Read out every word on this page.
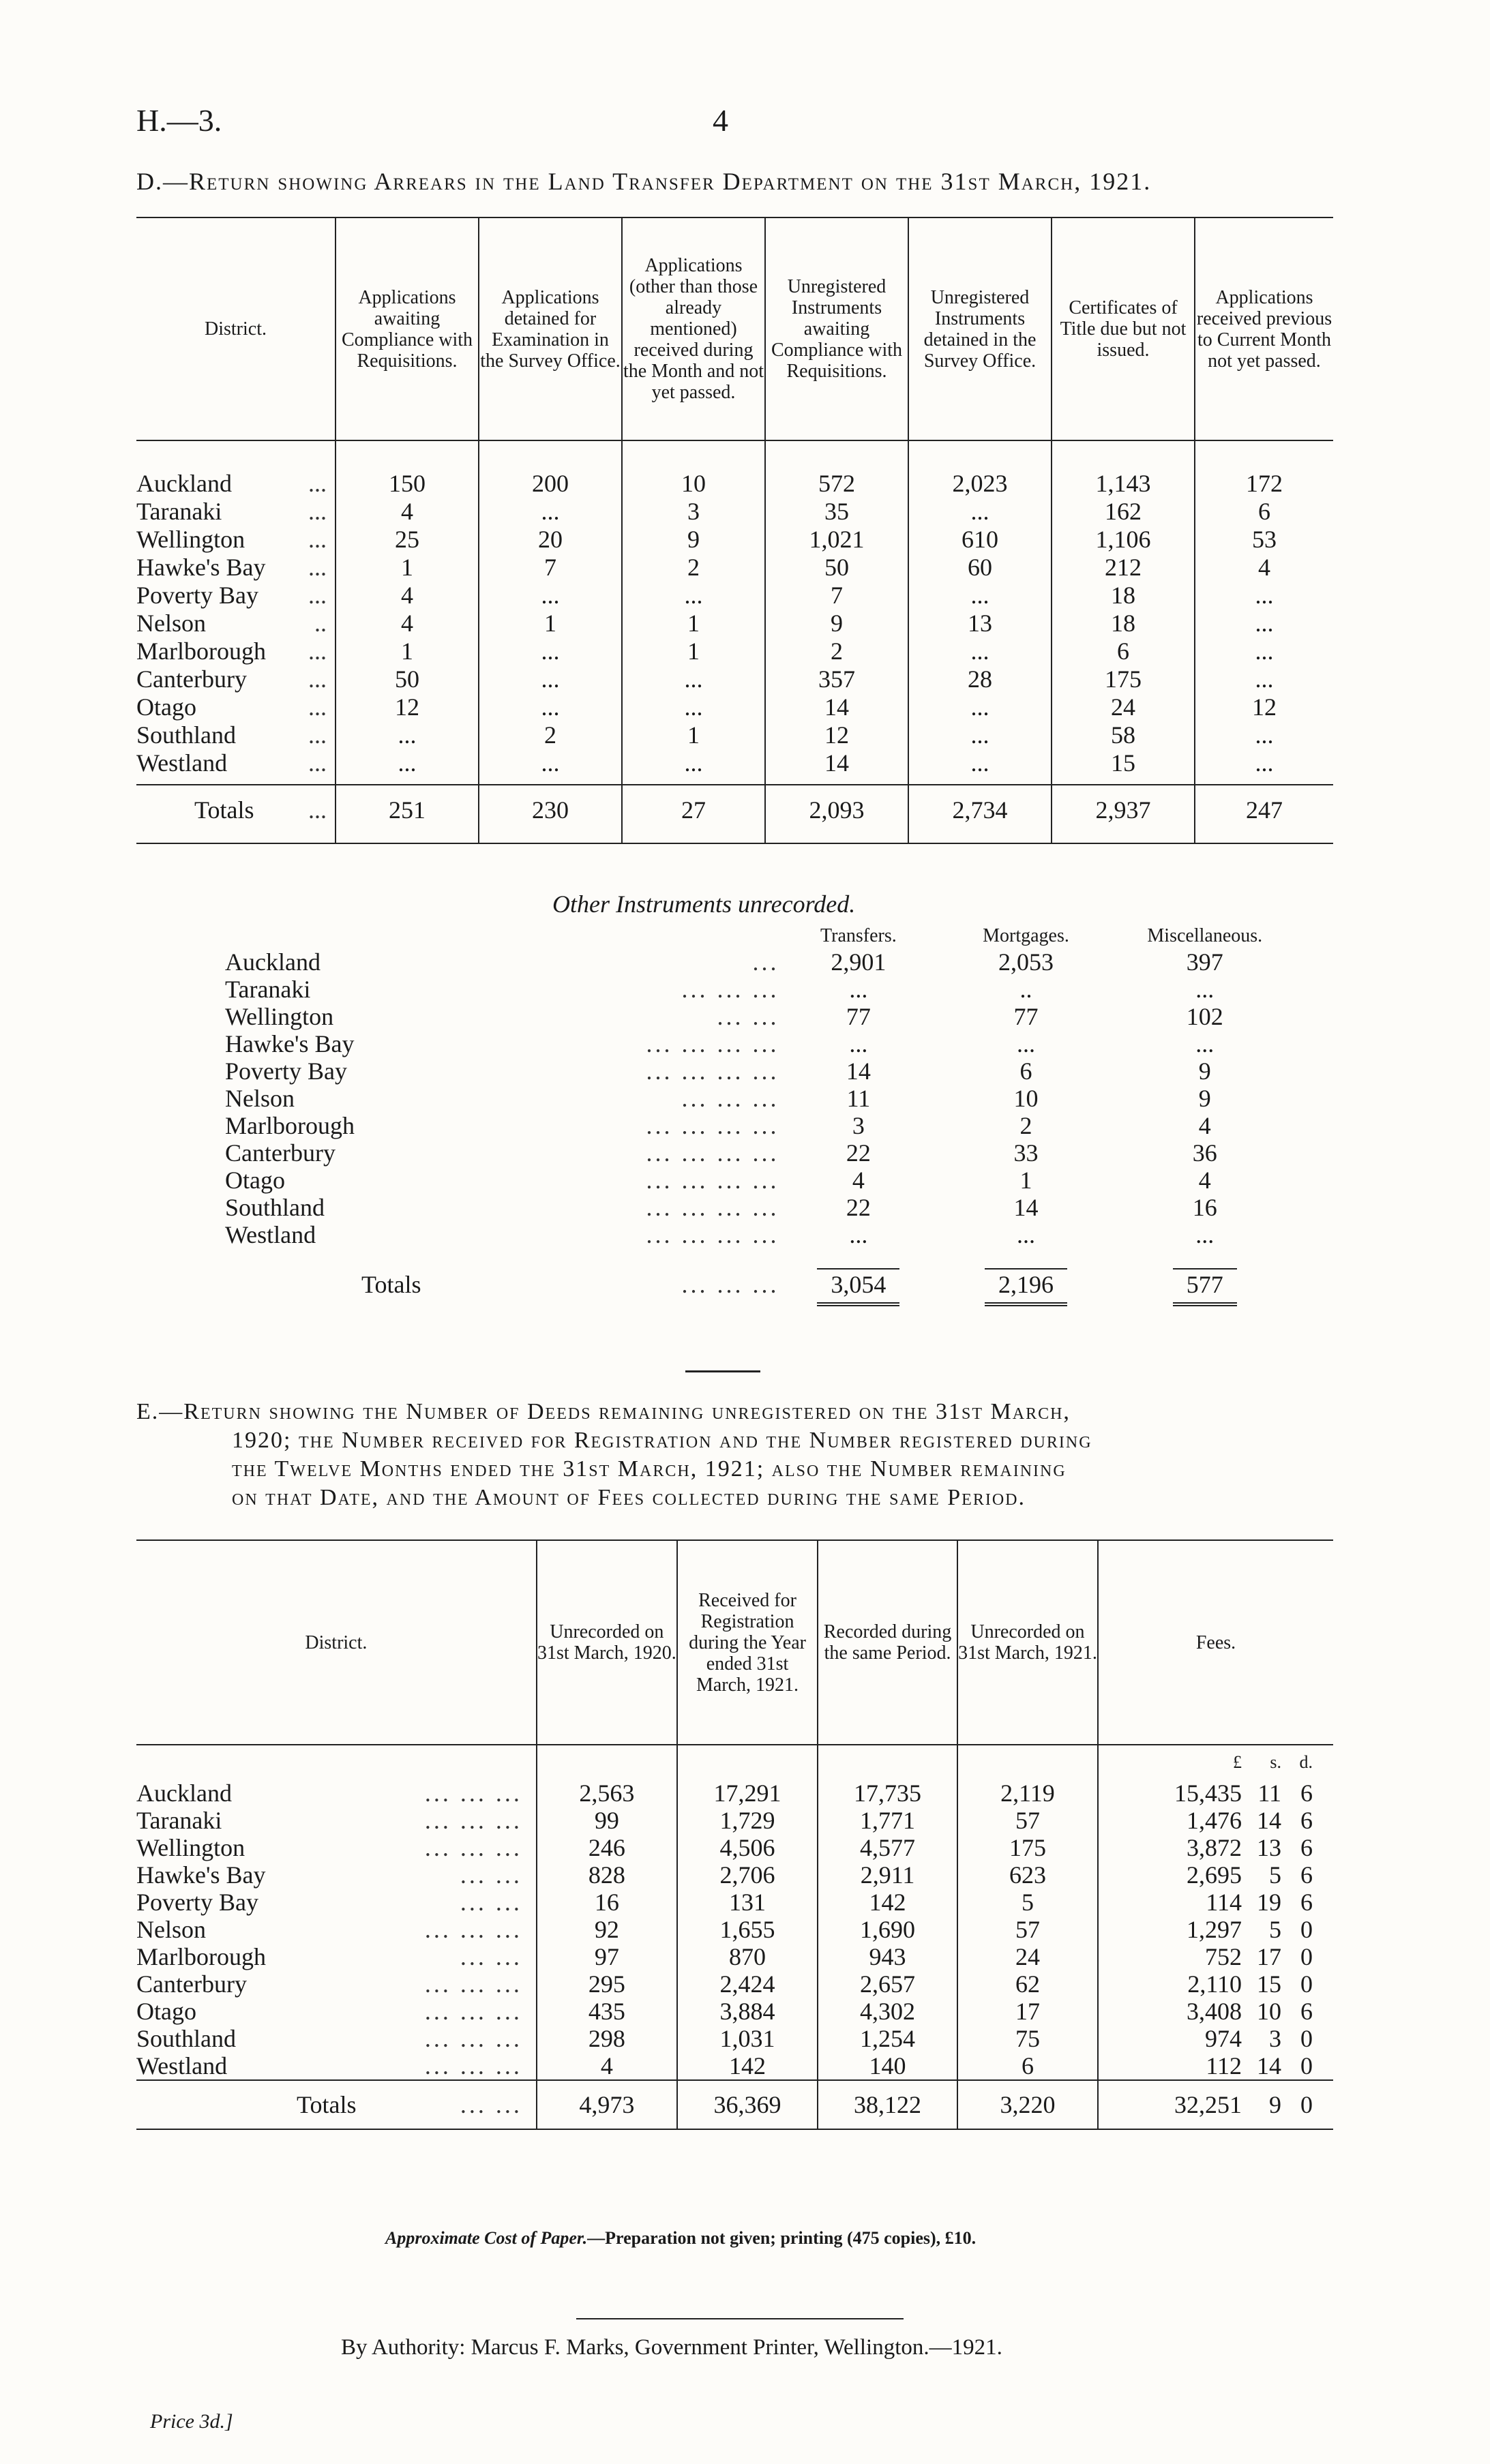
H.—3.	4
D.—Return showing Arrears in the Land Transfer Department on the 31st March, 1921.
District.	Applications awaiting Compliance with Requisitions.	Applications detained for Examination in the Survey Office.	Applications (other than those already mentioned) received during the Month and not yet passed.	Unregistered Instruments awaiting Compliance with Requisitions.	Unregistered Instruments detained in the Survey Office.	Certificates of Title due but not issued.	Applications received previous to Current Month not yet passed.
Auckland ...	150	200	10	572	2,023	1,143	172
Taranaki ...	4	...	3	35	...	162	6
Wellington ...	25	20	9	1,021	610	1,106	53
Hawke's Bay ...	1	7	2	50	60	212	4
Poverty Bay ...	4	...	...	7	...	18	...
Nelson ..	4	1	1	9	13	18	...
Marlborough ...	1	...	1	2	...	6	...
Canterbury ...	50	...	...	357	28	175	...
Otago ...	12	...	...	14	...	24	12
Southland ...	...	2	1	12	...	58	...
Westland ...	...	...	...	14	...	15	...
Totals ...	251	230	27	2,093	2,734	2,937	247
Other Instruments unrecorded.
		Transfers.	Mortgages.	Miscellaneous.
Auckland	...	2,901	2,053	397
Taranaki	... ... ...	...	..	...
Wellington	... ...	77	77	102
Hawke's Bay	... ... ... ...	...	...	...
Poverty Bay	... ... ... ...	14	6	9
Nelson	... ... ...	11	10	9
Marlborough	... ... ... ...	3	2	4
Canterbury	... ... ... ...	22	33	36
Otago	... ... ... ...	4	1	4
Southland	... ... ... ...	22	14	16
Westland	... ... ... ...	...	...	...
Totals	... ... ...	3,054	2,196	577
E.—Return showing the Number of Deeds remaining unregistered on the 31st March,
1920; the Number received for Registration and the Number registered during
the Twelve Months ended the 31st March, 1921; also the Number remaining
on that Date, and the Amount of Fees collected during the same Period.
District.	Unrecorded on 31st March, 1920.	Received for Registration during the Year ended 31st March, 1921.	Recorded during the same Period.	Unrecorded on 31st March, 1921.	Fees.
					£ s. d.
Auckland ... ... ...	2,563	17,291	17,735	2,119	15,435 11 6
Taranaki ... ... ...	99	1,729	1,771	57	1,476 14 6
Wellington ... ... ...	246	4,506	4,577	175	3,872 13 6
Hawke's Bay ... ...	828	2,706	2,911	623	2,695 5 6
Poverty Bay ... ...	16	131	142	5	114 19 6
Nelson ... ... ...	92	1,655	1,690	57	1,297 5 0
Marlborough ... ...	97	870	943	24	752 17 0
Canterbury ... ... ...	295	2,424	2,657	62	2,110 15 0
Otago ... ... ...	435	3,884	4,302	17	3,408 10 6
Southland ... ... ...	298	1,031	1,254	75	974 3 0
Westland ... ... ...	4	142	140	6	112 14 0
Totals ... ...	4,973	36,369	38,122	3,220	32,251 9 0
Approximate Cost of Paper.—Preparation not given; printing (475 copies), £10.
By Authority: Marcus F. Marks, Government Printer, Wellington.—1921.
Price 3d.]
